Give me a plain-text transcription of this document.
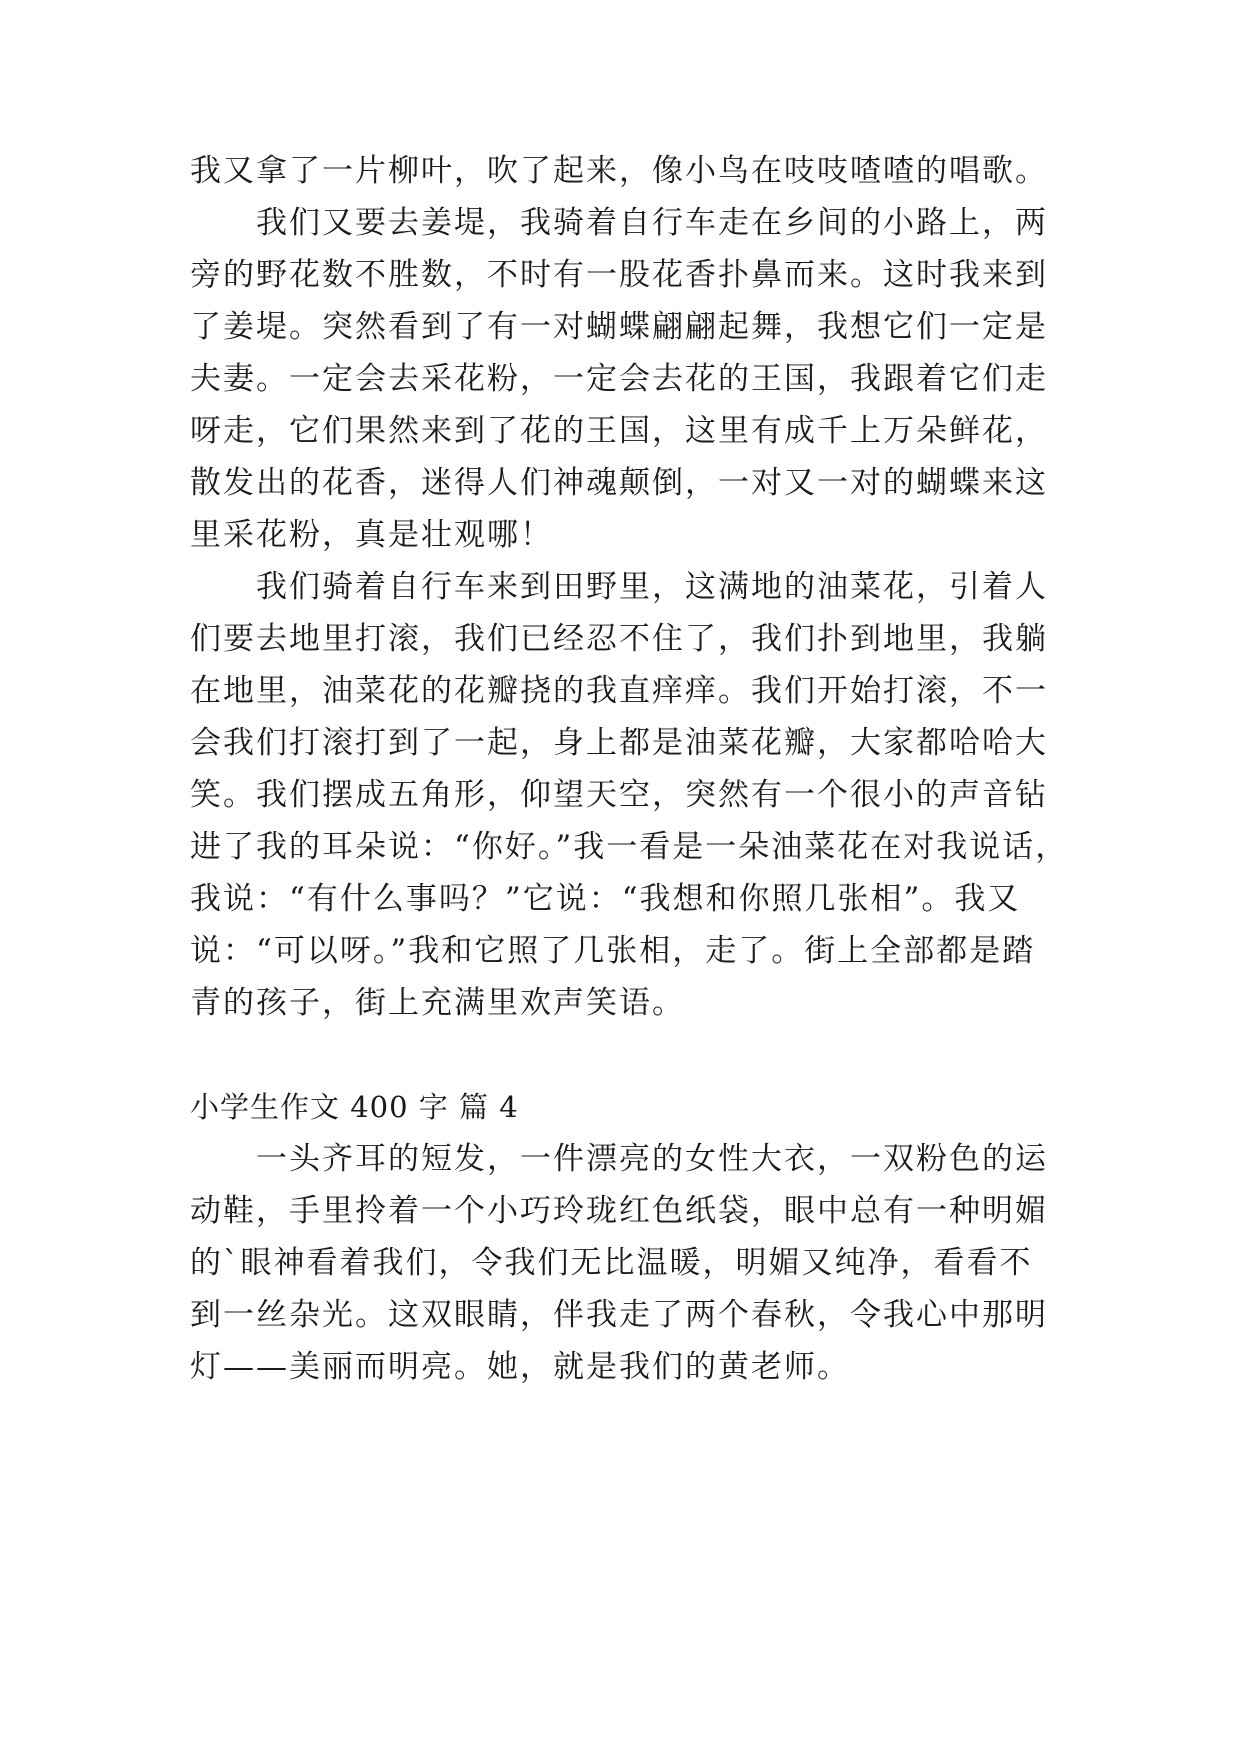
我又拿了一片柳叶，吹了起来，像小鸟在吱吱喳喳的唱歌。
　　我们又要去姜堤，我骑着自行车走在乡间的小路上，两
旁的野花数不胜数，不时有一股花香扑鼻而来。这时我来到
了姜堤。突然看到了有一对蝴蝶翩翩起舞，我想它们一定是
夫妻。一定会去采花粉，一定会去花的王国，我跟着它们走
呀走，它们果然来到了花的王国，这里有成千上万朵鲜花，
散发出的花香，迷得人们神魂颠倒，一对又一对的蝴蝶来这
里采花粉，真是壮观哪！
　　我们骑着自行车来到田野里，这满地的油菜花，引着人
们要去地里打滚，我们已经忍不住了，我们扑到地里，我躺
在地里，油菜花的花瓣挠的我直痒痒。我们开始打滚，不一
会我们打滚打到了一起，身上都是油菜花瓣，大家都哈哈大
笑。我们摆成五角形，仰望天空，突然有一个很小的声音钻
进了我的耳朵说：“你好。”我一看是一朵油菜花在对我说话，
我说：“有什么事吗？”它说：“我想和你照几张相”。我又
说：“可以呀。”我和它照了几张相，走了。街上全部都是踏
青的孩子，街上充满里欢声笑语。
小学生作文 400 字 篇 4
　　一头齐耳的短发，一件漂亮的女性大衣，一双粉色的运
动鞋，手里拎着一个小巧玲珑红色纸袋，眼中总有一种明媚
的`眼神看着我们，令我们无比温暖，明媚又纯净，看看不
到一丝杂光。这双眼睛，伴我走了两个春秋，令我心中那明
灯——美丽而明亮。她，就是我们的黄老师。
